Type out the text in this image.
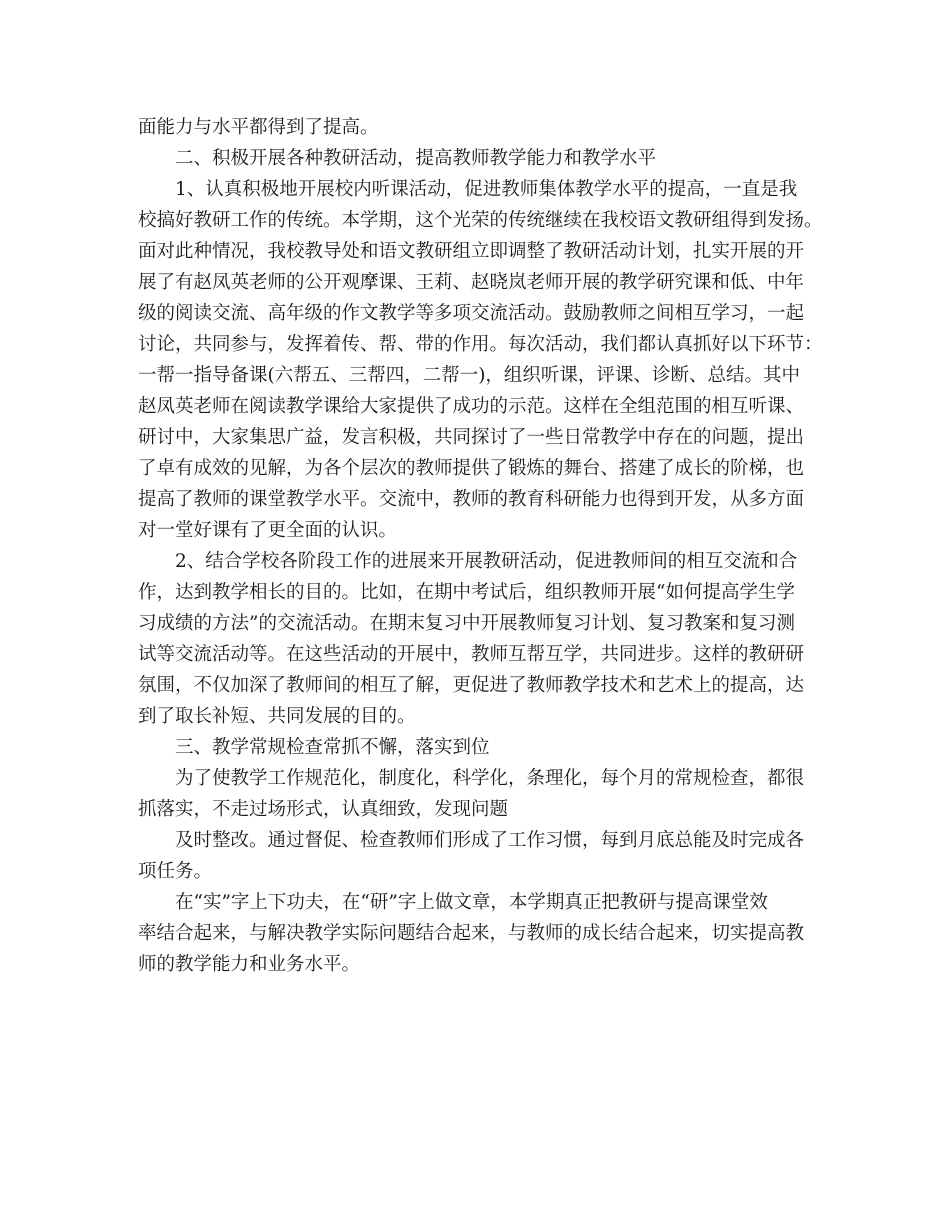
面能力与水平都得到了提高。
二、积极开展各种教研活动，提高教师教学能力和教学水平
1、认真积极地开展校内听课活动，促进教师集体教学水平的提高，一直是我
校搞好教研工作的传统。本学期，这个光荣的传统继续在我校语文教研组得到发扬。
面对此种情况，我校教导处和语文教研组立即调整了教研活动计划，扎实开展的开
展了有赵凤英老师的公开观摩课、王莉、赵晓岚老师开展的教学研究课和低、中年
级的阅读交流、高年级的作文教学等多项交流活动。鼓励教师之间相互学习，一起
讨论，共同参与，发挥着传、帮、带的作用。每次活动，我们都认真抓好以下环节：
一帮一指导备课(六帮五、三帮四，二帮一)，组织听课，评课、诊断、总结。其中
赵凤英老师在阅读教学课给大家提供了成功的示范。这样在全组范围的相互听课、
研讨中，大家集思广益，发言积极，共同探讨了一些日常教学中存在的问题，提出
了卓有成效的见解，为各个层次的教师提供了锻炼的舞台、搭建了成长的阶梯，也
提高了教师的课堂教学水平。交流中，教师的教育科研能力也得到开发，从多方面
对一堂好课有了更全面的认识。
2、结合学校各阶段工作的进展来开展教研活动，促进教师间的相互交流和合
作，达到教学相长的目的。比如，在期中考试后，组织教师开展“如何提高学生学
习成绩的方法”的交流活动。在期末复习中开展教师复习计划、复习教案和复习测
试等交流活动等。在这些活动的开展中，教师互帮互学，共同进步。这样的教研研
氛围，不仅加深了教师间的相互了解，更促进了教师教学技术和艺术上的提高，达
到了取长补短、共同发展的目的。
三、教学常规检查常抓不懈，落实到位
为了使教学工作规范化，制度化，科学化，条理化，每个月的常规检查，都很
抓落实，不走过场形式，认真细致，发现问题
及时整改。通过督促、检查教师们形成了工作习惯，每到月底总能及时完成各
项任务。
在“实”字上下功夫，在“研”字上做文章，本学期真正把教研与提高课堂效
率结合起来，与解决教学实际问题结合起来，与教师的成长结合起来，切实提高教
师的教学能力和业务水平。
